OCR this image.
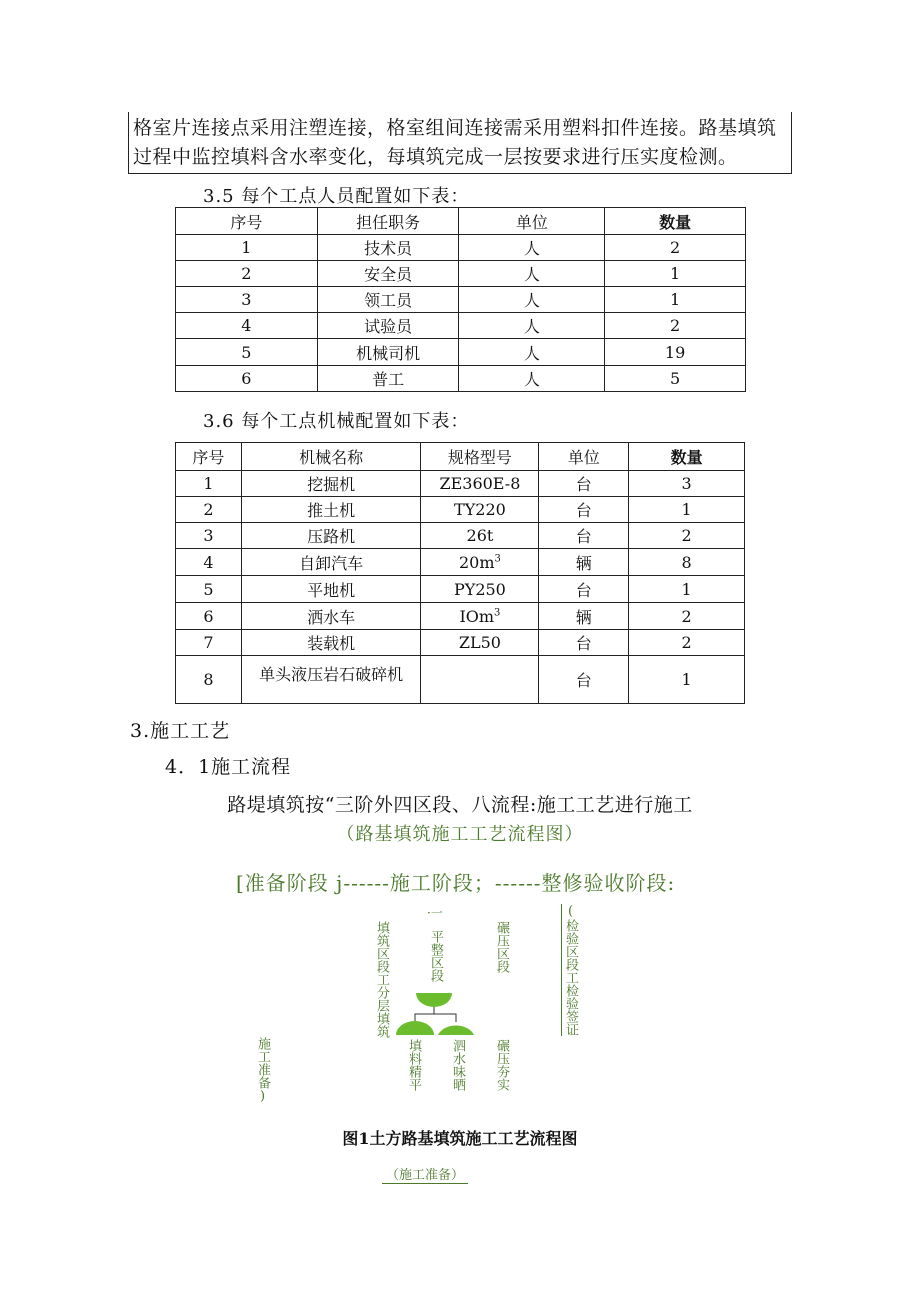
格室片连接点采用注塑连接，格室组间连接需采用塑料扣件连接。路基填筑过程中监控填料含水率变化，每填筑完成一层按要求进行压实度检测。
3.5 每个工点人员配置如下表：
序号	担任职务	单位	数量
1	技术员	人	2
2	安全员	人	1
3	领工员	人	1
4	试验员	人	2
5	机械司机	人	19
6	普工	人	5
3.6 每个工点机械配置如下表：
序号	机械名称	规格型号	单位	数量
1	挖掘机	ZE360E-8	台	3
2	推土机	TY220	台	1
3	压路机	26t	台	2
4	自卸汽车	$20m^3$	辆	8
5	平地机	PY250	台	1
6	洒水车	IOm$^3$	辆	2
7	装载机	ZL50	台	2
8	单头液压岩石破碎机		台	1
3.施工工艺
4．1施工流程
路堤填筑按“三阶外四区段、八流程:施工工艺进行施工
（路基填筑施工工艺流程图）
[准备阶段 j------施工阶段；------整修验收阶段:
填筑区段工分层填筑
·一
平整区段	碾压区段	(检验区段工检验签证
施工准备)	填料精平 泗水味晒 碾压夯实
图1土方路基填筑施工工艺流程图
（施工准备）
